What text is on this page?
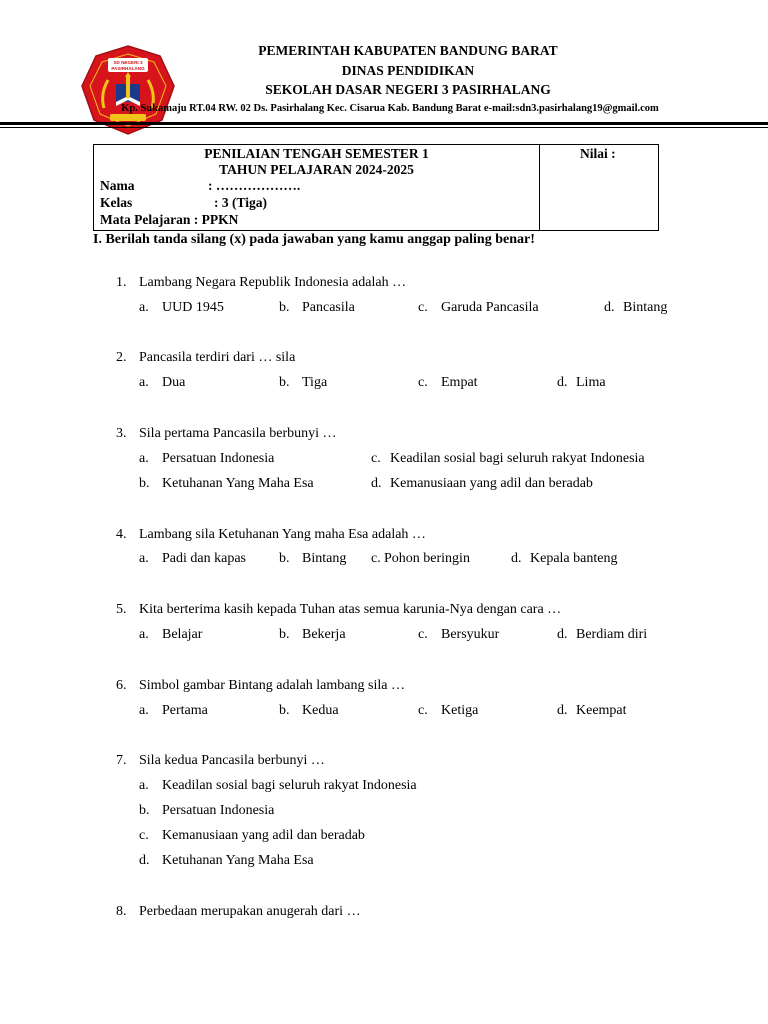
SD NEGERI 3
PASIRHALANG
PEMERINTAH KABUPATEN BANDUNG BARAT
DINAS PENDIDIKAN
SEKOLAH DASAR NEGERI 3 PASIRHALANG
Kp. Sukamaju RT.04 RW. 02 Ds. Pasirhalang Kec. Cisarua Kab. Bandung Barat e-mail:sdn3.pasirhalang19@gmail.com
PENILAIAN TENGAH SEMESTER 1
TAHUN PELAJARAN 2024-2025
Nilai :
Nama	: ……………….
Kelas	: 3 (Tiga)
Mata Pelajaran : PPKN
I. Berilah tanda silang (x) pada jawaban yang kamu anggap paling benar!
1. Lambang Negara Republik Indonesia adalah …
a. UUD 1945	b. Pancasila	c. Garuda Pancasila	d. Bintang
2. Pancasila terdiri dari … sila
a. Dua	b. Tiga	c. Empat	d. Lima
3. Sila pertama Pancasila berbunyi …
a. Persatuan Indonesia
b. Ketuhanan Yang Maha Esa
c. Keadilan sosial bagi seluruh rakyat Indonesia
d. Kemanusiaan yang adil dan beradab
4. Lambang sila Ketuhanan Yang maha Esa adalah …
a. Padi dan kapas b. Bintang c. Pohon beringin	d. Kepala banteng
5. Kita berterima kasih kepada Tuhan atas semua karunia-Nya dengan cara …
a. Belajar	b. Bekerja	c. Bersyukur	d. Berdiam diri
6. Simbol gambar Bintang adalah lambang sila …
a. Pertama	b. Kedua	c. Ketiga	d. Keempat
7. Sila kedua Pancasila berbunyi …
a. Keadilan sosial bagi seluruh rakyat Indonesia
b. Persatuan Indonesia
c. Kemanusiaan yang adil dan beradab
d. Ketuhanan Yang Maha Esa
8. Perbedaan merupakan anugerah dari …
